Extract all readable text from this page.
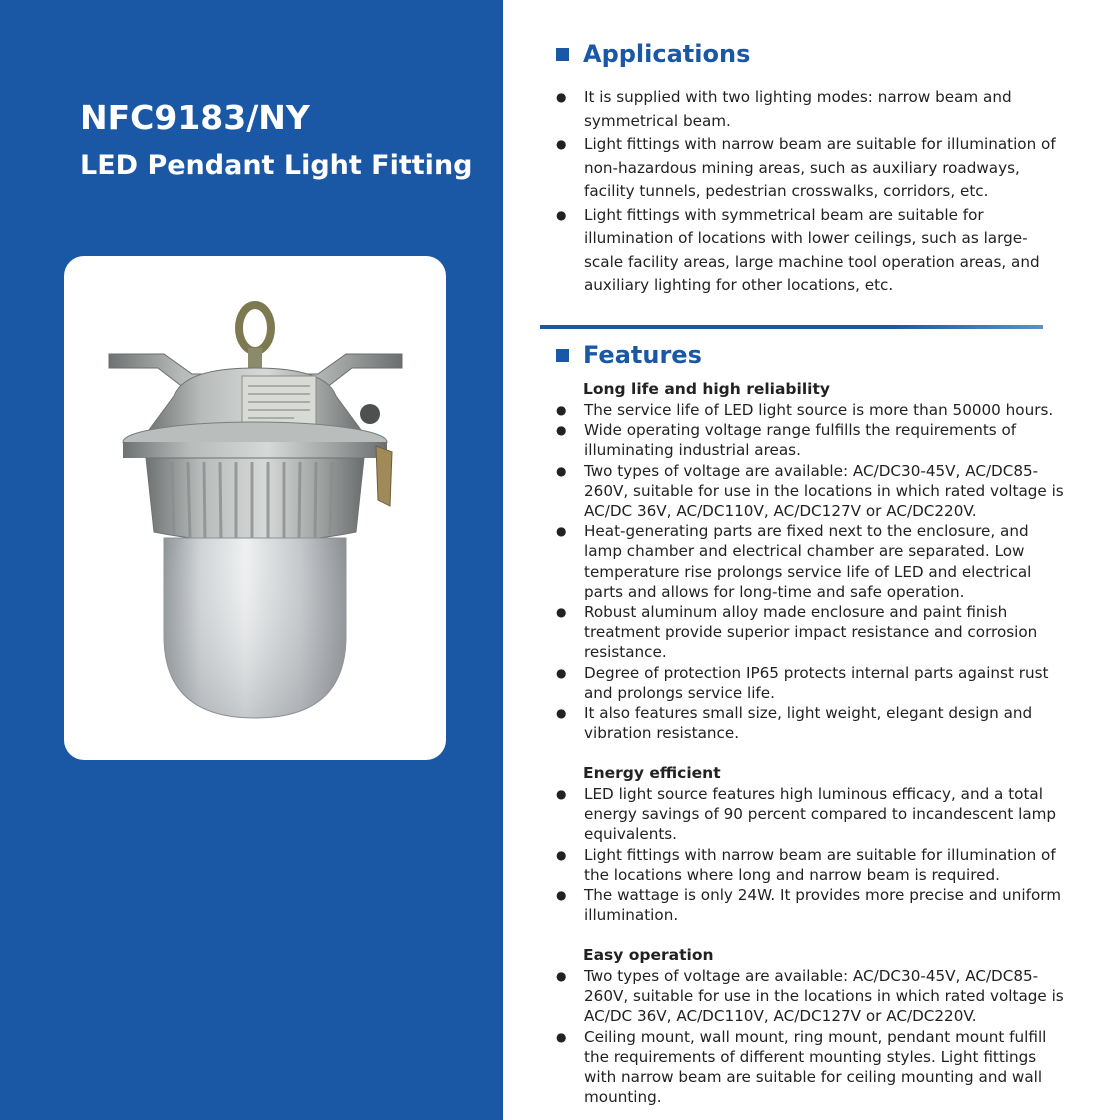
NFC9183/NY
LED Pendant Light Fitting
Applications
● It is supplied with two lighting modes: narrow beam and symmetrical beam.
● Light fittings with narrow beam are suitable for illumination of non-hazardous mining areas, such as auxiliary roadways, facility tunnels, pedestrian crosswalks, corridors, etc.
● Light fittings with symmetrical beam are suitable for illumination of locations with lower ceilings, such as large-scale facility areas, large machine tool operation areas, and auxiliary lighting for other locations, etc.
Features
Long life and high reliability
● The service life of LED light source is more than 50000 hours.
● Wide operating voltage range fulfills the requirements of illuminating industrial areas.
● Two types of voltage are available: AC/DC30-45V, AC/DC85-260V, suitable for use in the locations in which rated voltage is AC/DC 36V, AC/DC110V, AC/DC127V or AC/DC220V.
● Heat-generating parts are fixed next to the enclosure, and lamp chamber and electrical chamber are separated. Low temperature rise prolongs service life of LED and electrical parts and allows for long-time and safe operation.
● Robust aluminum alloy made enclosure and paint finish treatment provide superior impact resistance and corrosion resistance.
● Degree of protection IP65 protects internal parts against rust and prolongs service life.
● It also features small size, light weight, elegant design and vibration resistance.
Energy efficient
● LED light source features high luminous efficacy, and a total energy savings of 90 percent compared to incandescent lamp equivalents.
● Light fittings with narrow beam are suitable for illumination of the locations where long and narrow beam is required.
● The wattage is only 24W. It provides more precise and uniform illumination.
Easy operation
● Two types of voltage are available: AC/DC30-45V, AC/DC85-260V, suitable for use in the locations in which rated voltage is AC/DC 36V, AC/DC110V, AC/DC127V or AC/DC220V.
● Ceiling mount, wall mount, ring mount, pendant mount fulfill the requirements of different mounting styles. Light fittings with narrow beam are suitable for ceiling mounting and wall mounting.
